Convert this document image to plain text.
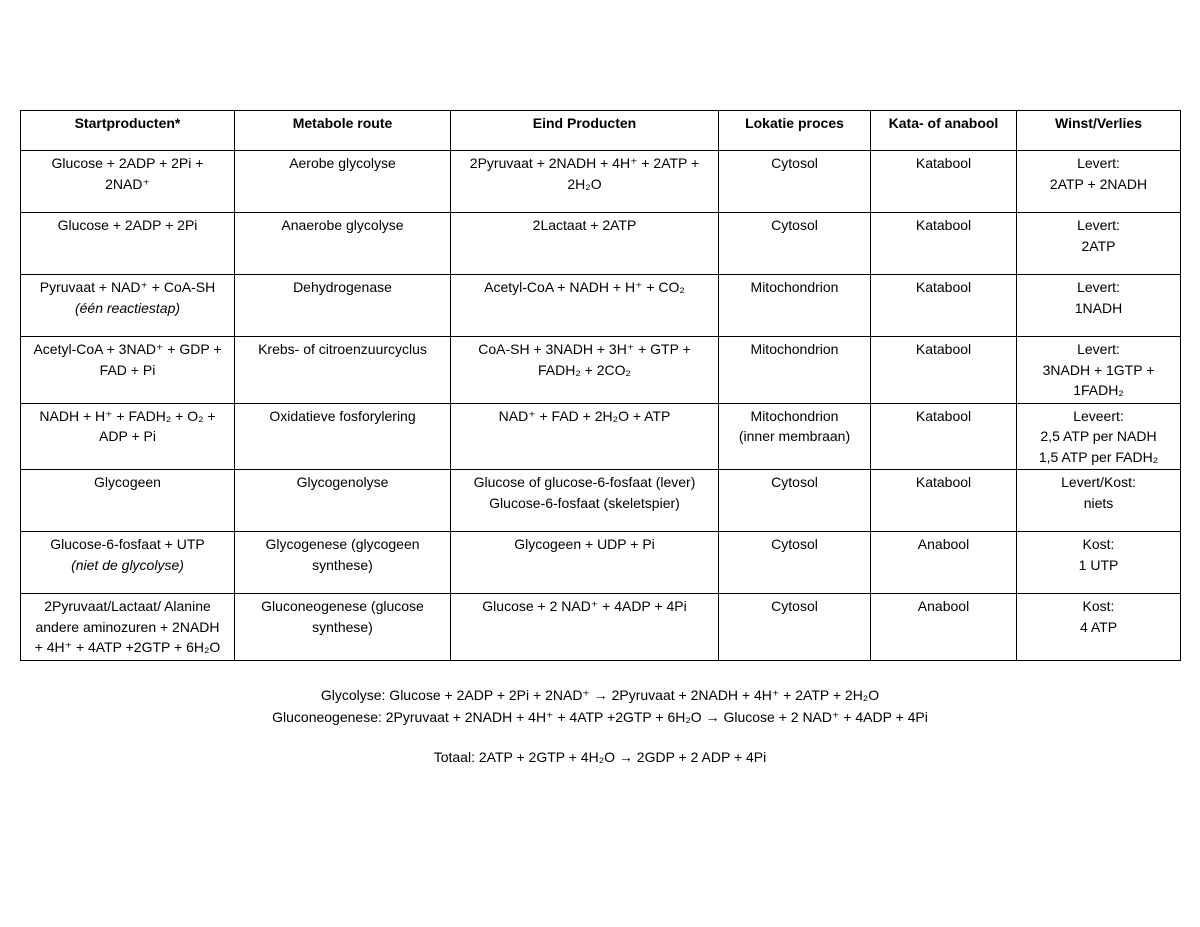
Startproducten*	Metabole route	Eind Producten	Lokatie proces	Kata- of anabool	Winst/Verlies

Glucose + 2ADP + 2Pi +
2NAD⁺	Aerobe glycolyse	2Pyruvaat + 2NADH + 4H⁺ + 2ATP +
2H₂O	Cytosol	Katabool	Levert:
2ATP + 2NADH

Glucose + 2ADP + 2Pi	Anaerobe glycolyse	2Lactaat + 2ATP	Cytosol	Katabool	Levert:
2ATP

Pyruvaat + NAD⁺ + CoA-SH
(één reactiestap)	Dehydrogenase	Acetyl-CoA + NADH + H⁺ + CO₂	Mitochondrion	Katabool	Levert:
1NADH

Acetyl-CoA + 3NAD⁺ + GDP +
FAD + Pi	Krebs- of citroenzuurcyclus	CoA-SH + 3NADH + 3H⁺ + GTP +
FADH₂ + 2CO₂	Mitochondrion	Katabool	Levert:
3NADH + 1GTP +
1FADH₂

NADH + H⁺ + FADH₂ + O₂ +
ADP + Pi	Oxidatieve fosforylering	NAD⁺ + FAD + 2H₂O + ATP	Mitochondrion
(inner membraan)	Katabool	Leveert:
2,5 ATP per NADH
1,5 ATP per FADH₂

Glycogeen	Glycogenolyse	Glucose of glucose-6-fosfaat (lever)
Glucose-6-fosfaat (skeletspier)	Cytosol	Katabool	Levert/Kost:
niets

Glucose-6-fosfaat + UTP
(niet de glycolyse)	Glycogenese (glycogeen
synthese)	Glycogeen + UDP + Pi	Cytosol	Anabool	Kost:
1 UTP

2Pyruvaat/Lactaat/ Alanine
andere aminozuren + 2NADH
+ 4H⁺ + 4ATP +2GTP + 6H₂O	Gluconeogenese (glucose
synthese)	Glucose + 2 NAD⁺ + 4ADP + 4Pi	Cytosol	Anabool	Kost:
4 ATP
Glycolyse: Glucose + 2ADP + 2Pi + 2NAD⁺ → 2Pyruvaat + 2NADH + 4H⁺ + 2ATP + 2H₂O
Gluconeogenese: 2Pyruvaat + 2NADH + 4H⁺ + 4ATP +2GTP + 6H₂O → Glucose + 2 NAD⁺ + 4ADP + 4Pi
Totaal: 2ATP + 2GTP + 4H₂O → 2GDP + 2 ADP + 4Pi
